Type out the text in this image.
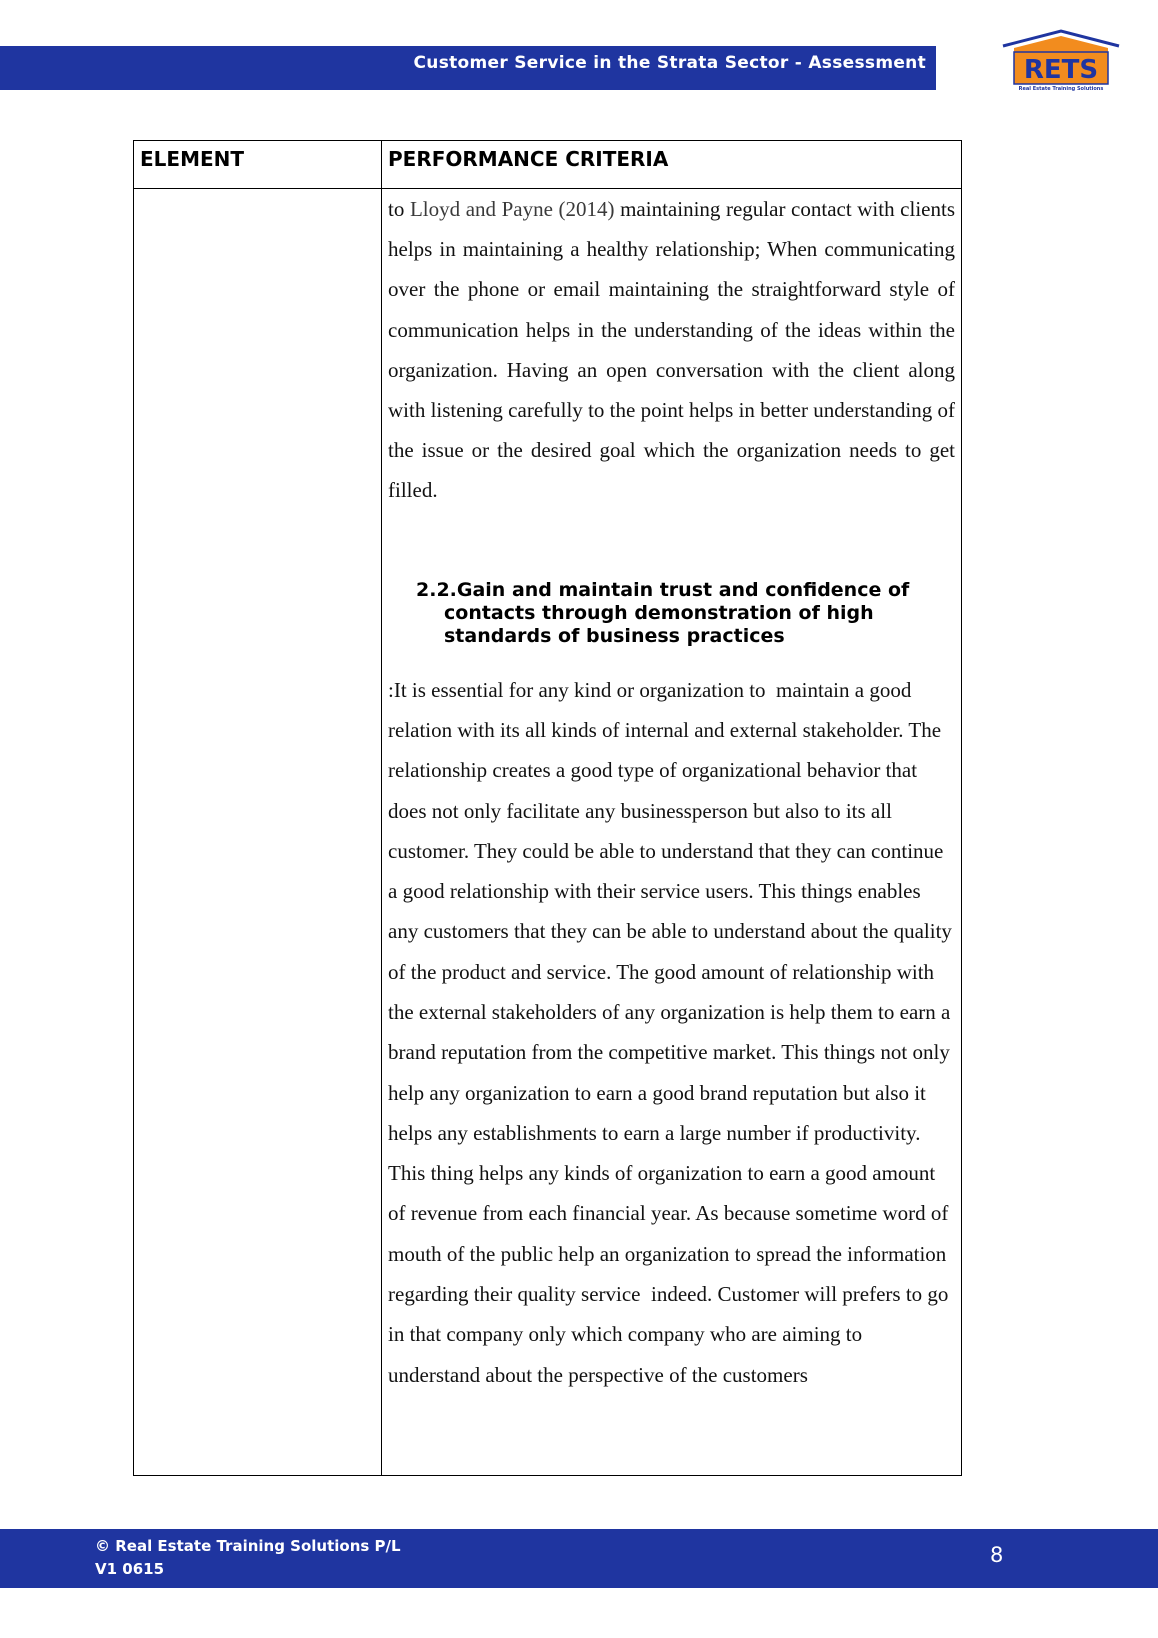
Customer Service in the Strata Sector - Assessment	RETS
Real Estate Training Solutions
ELEMENT	PERFORMANCE CRITERIA

	to Lloyd and Payne (2014) maintaining regular contact with clients helps in maintaining a healthy relationship; When communicating over the phone or email maintaining the straightforward style of communication helps in the understanding of the ideas within the organization. Having an open conversation with the client along with listening carefully to the point helps in better understanding of the issue or the desired goal which the organization needs to get filled.

2.2.Gain and maintain trust and confidence of contacts through demonstration of high standards of business practices

:It is essential for any kind or organization to  maintain a good relation with its all kinds of internal and external stakeholder. The relationship creates a good type of organizational behavior that does not only facilitate any businessperson but also to its all customer. They could be able to understand that they can continue a good relationship with their service users. This things enables any customers that they can be able to understand about the quality of the product and service. The good amount of relationship with the external stakeholders of any organization is help them to earn a brand reputation from the competitive market. This things not only help any organization to earn a good brand reputation but also it helps any establishments to earn a large number if productivity. This thing helps any kinds of organization to earn a good amount of revenue from each financial year. As because sometime word of mouth of the public help an organization to spread the information regarding their quality service  indeed. Customer will prefers to go in that company only which company who are aiming to understand about the perspective of the customers

© Real Estate Training Solutions P/L
V1 0615
8
